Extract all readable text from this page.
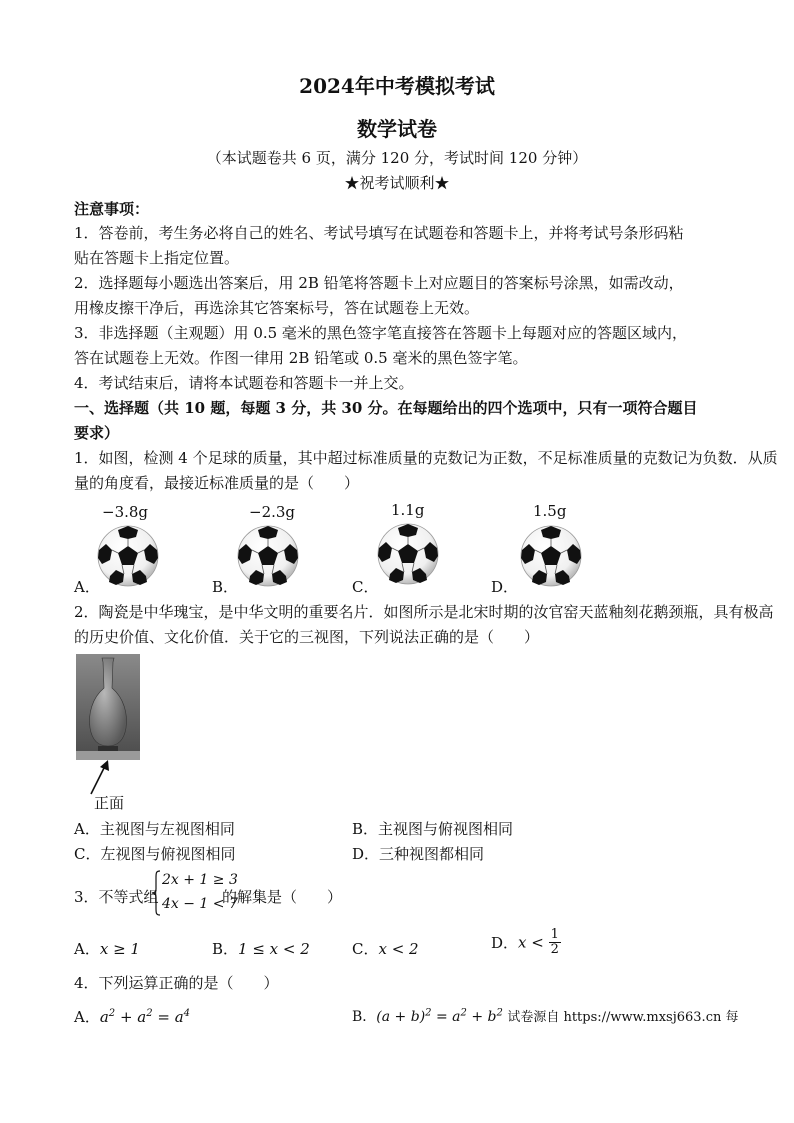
2024年中考模拟考试
数学试卷
（本试题卷共 6 页，满分 120 分，考试时间 120 分钟）
★祝考试顺利★
注意事项：
1．答卷前，考生务必将自己的姓名、考试号填写在试题卷和答题卡上，并将考试号条形码粘
贴在答题卡上指定位置。
2．选择题每小题选出答案后，用 2B 铅笔将答题卡上对应题目的答案标号涂黑，如需改动，
用橡皮擦干净后，再选涂其它答案标号，答在试题卷上无效。
3．非选择题（主观题）用 0.5 毫米的黑色签字笔直接答在答题卡上每题对应的答题区域内，
答在试题卷上无效。作图一律用 2B 铅笔或 0.5 毫米的黑色签字笔。
4．考试结束后，请将本试题卷和答题卡一并上交。
一、选择题（共 10 题，每题 3 分，共 30 分。在每题给出的四个选项中，只有一项符合题目
要求）
1．如图，检测 4 个足球的质量，其中超过标准质量的克数记为正数，不足标准质量的克数记为负数．从质
量的角度看，最接近标准质量的是（　　）
−3.8g
A．
−2.3g
B．
1.1g
C．
1.5g
D．
2．陶瓷是中华瑰宝，是中华文明的重要名片．如图所示是北宋时期的汝官窑天蓝釉刻花鹅颈瓶，具有极高
的历史价值、文化价值．关于它的三视图，下列说法正确的是（　　）
正面
A．主视图与左视图相同	B．主视图与俯视图相同
C．左视图与俯视图相同	D．三种视图都相同
3．不等式组
2x + 1 ≥ 3
4x − 1 < 7
的解集是（　　）
A．x ≥ 1	B．1 ≤ x < 2	C．x < 2	D．$x < \frac{1}{2}$
4．下列运算正确的是（　　）
A．$a^2 + a^2 = a^4$	B．$(a + b)^2 = a^2 + b^2$ 试卷源自 https://www.mxsj663.cn 每
